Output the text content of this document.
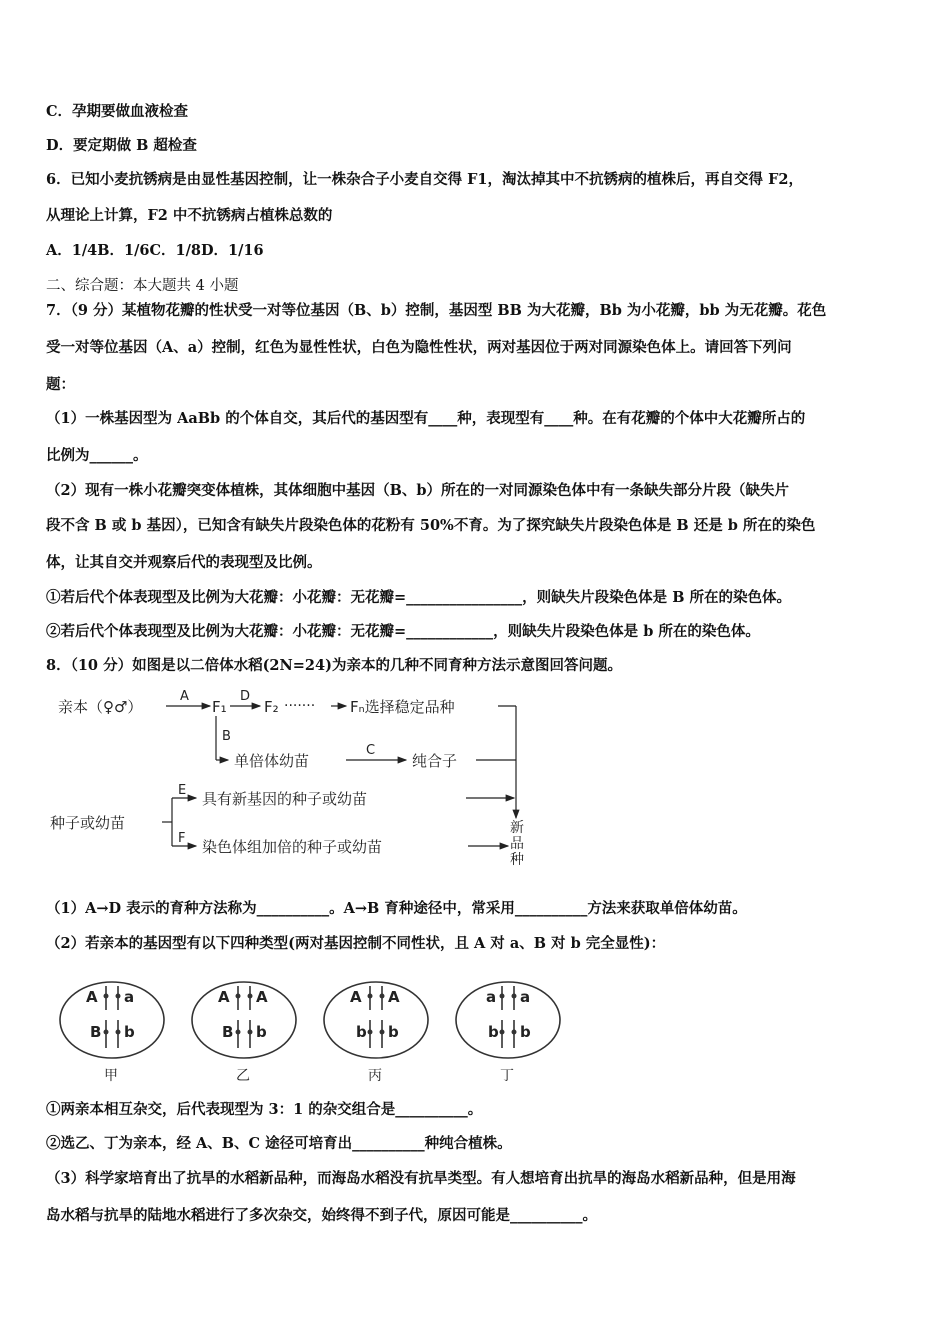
C．孕期要做血液检查
D．要定期做 B 超检查
6．已知小麦抗锈病是由显性基因控制，让一株杂合子小麦自交得 F1，淘汰掉其中不抗锈病的植株后，再自交得 F2，
从理论上计算，F2 中不抗锈病占植株总数的
A．1/4B．1/6C．1/8D．1/16
二、综合题：本大题共 4 小题
7．（9 分）某植物花瓣的性状受一对等位基因（B、b）控制，基因型 BB 为大花瓣，Bb 为小花瓣，bb 为无花瓣。花色
受一对等位基因（A、a）控制，红色为显性性状，白色为隐性性状，两对基因位于两对同源染色体上。请回答下列问
题：
（1）一株基因型为 AaBb 的个体自交，其后代的基因型有____种，表现型有____种。在有花瓣的个体中大花瓣所占的
比例为______。
（2）现有一株小花瓣突变体植株，其体细胞中基因（B、b）所在的一对同源染色体中有一条缺失部分片段（缺失片
段不含 B 或 b 基因），已知含有缺失片段染色体的花粉有 50%不育。为了探究缺失片段染色体是 B 还是 b 所在的染色
体，让其自交并观察后代的表现型及比例。
①若后代个体表现型及比例为大花瓣：小花瓣：无花瓣=________________，则缺失片段染色体是 B 所在的染色体。
②若后代个体表现型及比例为大花瓣：小花瓣：无花瓣=____________，则缺失片段染色体是 b 所在的染色体。
8．（10 分）如图是以二倍体水稻(2N=24)为亲本的几种不同育种方法示意图回答问题。
亲本（♀♂）
A
F₁
D
F₂ ······· Fₙ选择稳定品种
B
单倍体幼苗
C
纯合子
E 具有新基因的种子或幼苗
种子或幼苗
F 染色体组加倍的种子或幼苗
新
品
种
（1）A→D 表示的育种方法称为__________。A→B 育种途径中，常采用__________方法来获取单倍体幼苗。
（2）若亲本的基因型有以下四种类型(两对基因控制不同性状，且 A 对 a、B 对 b 完全显性)：
A a
B b
A A
B b
A A
b b
a a
b b
甲	乙	丙	丁
①两亲本相互杂交，后代表现型为 3：1 的杂交组合是__________。
②选乙、丁为亲本，经 A、B、C 途径可培育出__________种纯合植株。
（3）科学家培育出了抗旱的水稻新品种，而海岛水稻没有抗旱类型。有人想培育出抗旱的海岛水稻新品种，但是用海
岛水稻与抗旱的陆地水稻进行了多次杂交，始终得不到子代，原因可能是__________。
